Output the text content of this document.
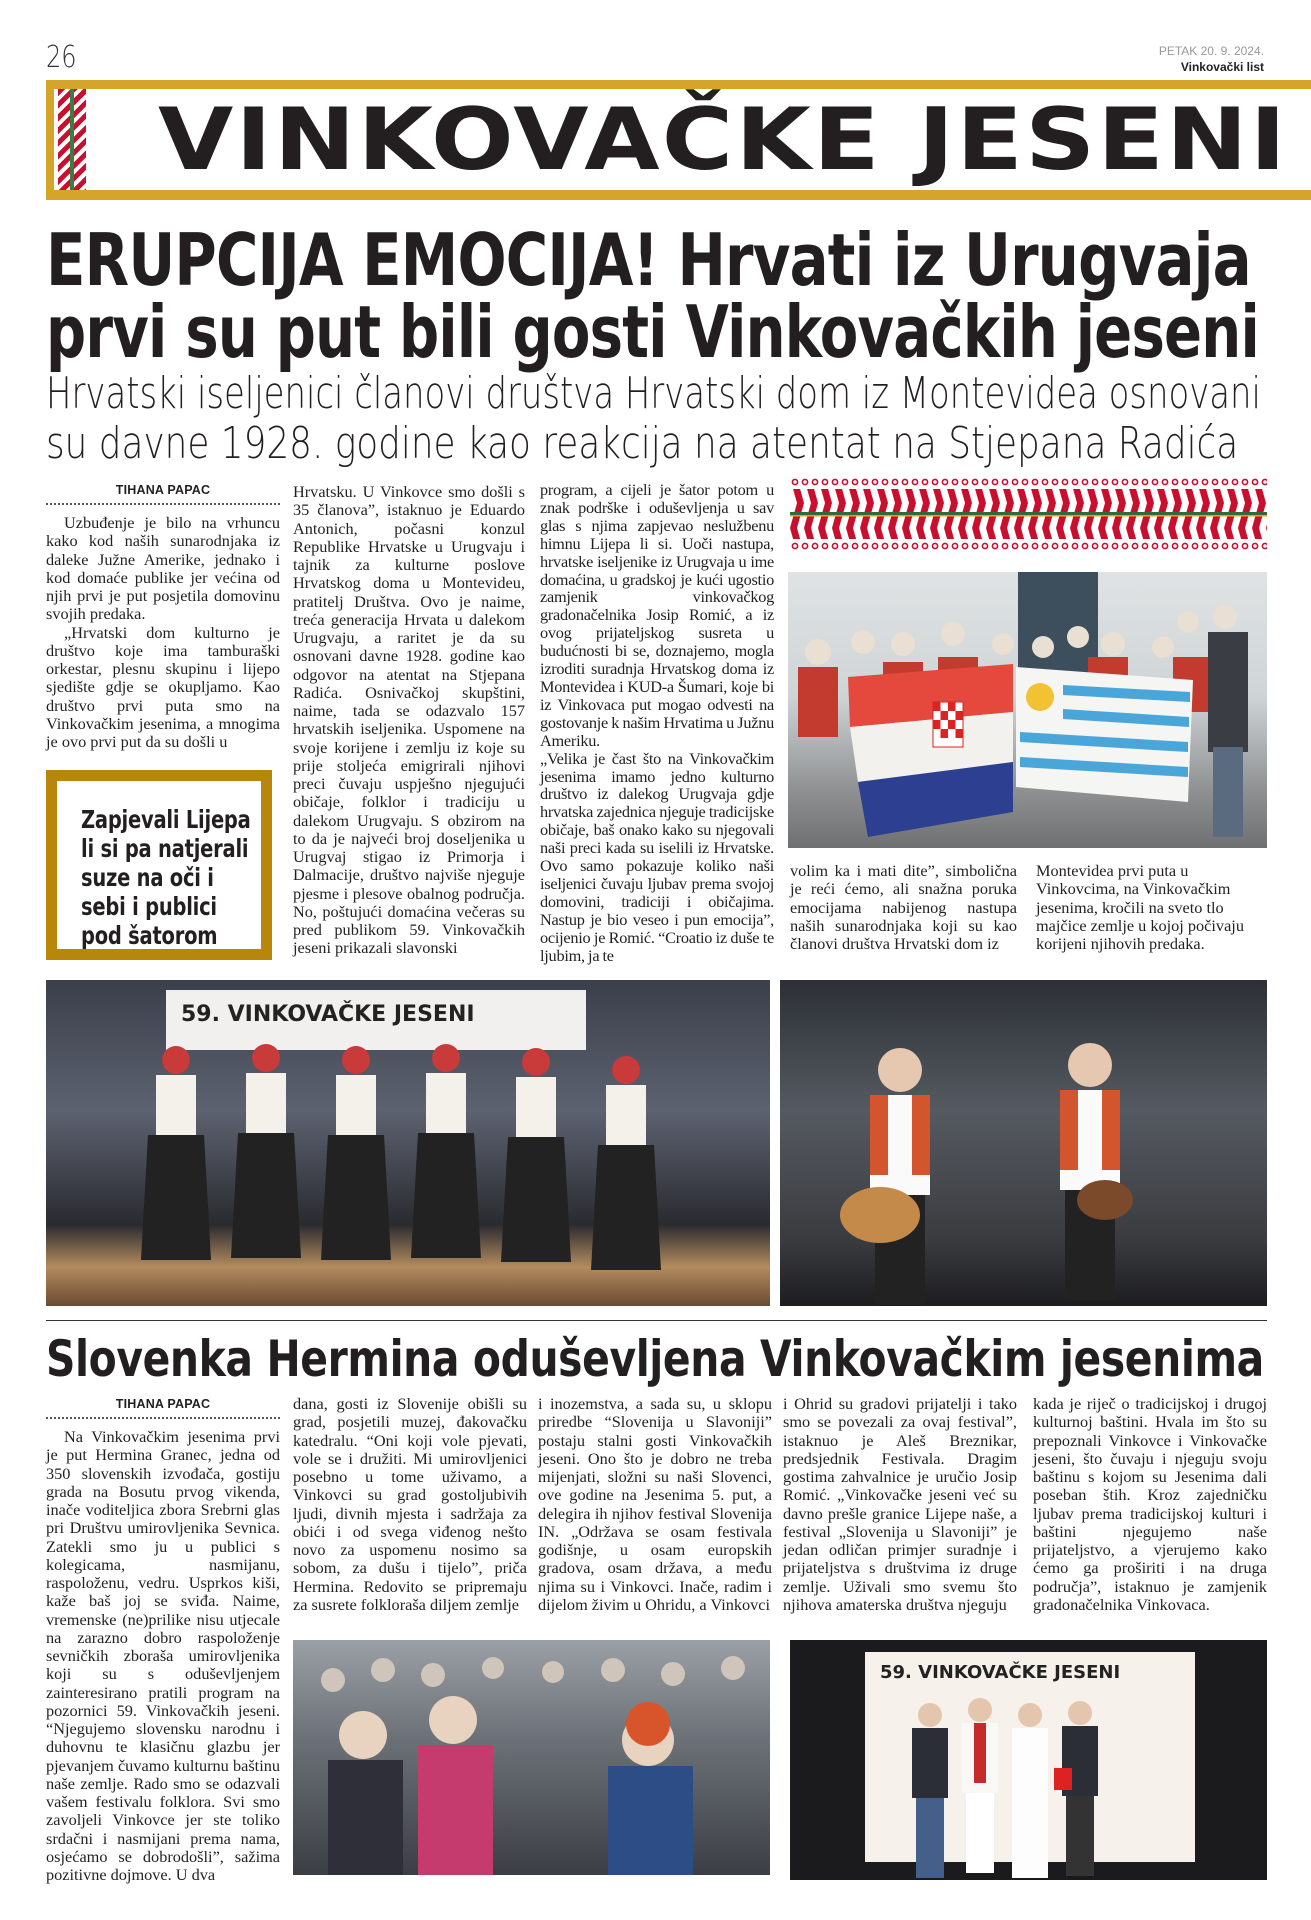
26	PETAK 20. 9. 2024.
Vinkovački list
VINKOVAČKE JESENI
ERUPCIJA EMOCIJA! Hrvati iz Urugvaja
prvi su put bili gosti Vinkovačkih jeseni
Hrvatski iseljenici članovi društva Hrvatski dom iz Montevidea osnovani
su davne 1928. godine kao reakcija na atentat na Stjepana Radića
TIHANA PAPAC

Uzbuđenje je bilo na vrhuncu kako kod naših sunarodnjaka iz daleke Južne Amerike, jednako i kod domaće publike jer većina od njih prvi je put posjetila domovinu svojih predaka.

„Hrvatski dom kulturno je društvo koje ima tamburaški orkestar, plesnu skupinu i lijepo sjedište gdje se okupljamo. Kao društvo prvi puta smo na Vinkovačkim jesenima, a mnogima je ovo prvi put da su došli u

Zapjevali Lijepa li si pa natjerali suze na oči i sebi i publici pod šatorom

Hrvatsku. U Vinkovce smo došli s 35 članova”, istaknuo je Eduardo Antonich, počasni konzul Republike Hrvatske u Urugvaju i tajnik za kulturne poslove Hrvatskog doma u Montevideu, pratitelj Društva. Ovo je naime, treća generacija Hrvata u dalekom Urugvaju, a raritet je da su osnovani davne 1928. godine kao odgovor na atentat na Stjepana Radića. Osnivačkoj skupštini, naime, tada se odazvalo 157 hrvatskih iseljenika. Uspomene na svoje korijene i zemlju iz koje su prije stoljeća emigrirali njihovi preci čuvaju uspješno njegujući običaje, folklor i tradiciju u dalekom Urugvaju. S obzirom na to da je najveći broj doseljenika u Urugvaj stigao iz Primorja i Dalmacije, društvo najviše njeguje pjesme i plesove obalnog područja. No, poštujući domaćina večeras su pred publikom 59. Vinkovačkih jeseni prikazali slavonski

program, a cijeli je šator potom u znak podrške i oduševljenja u sav glas s njima zapjevao neslužbenu himnu Lijepa li si. Uoči nastupa, hrvatske iseljenike iz Urugvaja u ime domaćina, u gradskoj je kući ugostio zamjenik vinkovačkog gradonačelnika Josip Romić, a iz ovog prijateljskog susreta u budućnosti bi se, doznajemo, mogla izroditi suradnja Hrvatskog doma iz Montevidea i KUD-a Šumari, koje bi iz Vinkovaca put mogao odvesti na gostovanje k našim Hrvatima u Južnu Ameriku.

„Velika je čast što na Vinkovačkim jesenima imamo jedno kulturno društvo iz dalekog Urugvaja gdje hrvatska zajednica njeguje tradicijske običaje, baš onako kako su njegovali naši preci kada su iselili iz Hrvatske. Ovo samo pokazuje koliko naši iseljenici čuvaju ljubav prema svojoj domovini, tradiciji i običajima. Nastup je bio veseo i pun emocija”, ocijenio je Romić. “Croatio iz duše te ljubim, ja te

volim ka i mati dite”, simbolična je reći ćemo, ali snažna poruka emocijama nabijenog nastupa naših sunarodnjaka koji su kao članovi društva Hrvatski dom iz

Montevidea prvi puta u Vinkovcima, na Vinkovačkim jesenima, kročili na sveto tlo majčice zemlje u kojoj počivaju korijeni njihovih predaka.

59. VINKOVAČKE JESENI
Slovenka Hermina oduševljena Vinkovačkim jesenima
TIHANA PAPAC

Na Vinkovačkim jesenima prvi je put Hermina Granec, jedna od 350 slovenskih izvođača, gostiju grada na Bosutu prvog vikenda, inače voditeljica zbora Srebrni glas pri Društvu umirovljenika Sevnica. Zatekli smo ju u publici s kolegicama, nasmijanu, raspoloženu, vedru. Usprkos kiši, kaže baš joj se sviđa. Naime, vremenske (ne)prilike nisu utjecale na zarazno dobro raspoloženje sevničkih zboraša umirovljenika koji su s oduševljenjem zainteresirano pratili program na pozornici 59. Vinkovačkih jeseni. “Njegujemo slovensku narodnu i duhovnu te klasičnu glazbu jer pjevanjem čuvamo kulturnu baštinu naše zemlje. Rado smo se odazvali vašem festivalu folklora. Svi smo zavoljeli Vinkovce jer ste toliko srdačni i nasmijani prema nama, osjećamo se dobrodošli”, sažima pozitivne dojmove. U dva

dana, gosti iz Slovenije obišli su grad, posjetili muzej, đakovačku katedralu. “Oni koji vole pjevati, vole se i družiti. Mi umirovljenici posebno u tome uživamo, a Vinkovci su grad gostoljubivih ljudi, divnih mjesta i sadržaja za obići i od svega viđenog nešto novo za uspomenu nosimo sa sobom, za dušu i tijelo”, priča Hermina. Redovito se pripremaju za susrete folkloraša diljem zemlje

i inozemstva, a sada su, u sklopu priredbe “Slovenija u Slavoniji” postaju stalni gosti Vinkovačkih jeseni. Ono što je dobro ne treba mijenjati, složni su naši Slovenci, ove godine na Jesenima 5. put, a delegira ih njihov festival Slovenija IN. „Održava se osam festivala godišnje, u osam europskih gradova, osam država, a među njima su i Vinkovci. Inače, radim i dijelom živim u Ohridu, a Vinkovci

i Ohrid su gradovi prijatelji i tako smo se povezali za ovaj festival”, istaknuo je Aleš Breznikar, predsjednik Festivala. Dragim gostima zahvalnice je uručio Josip Romić. „Vinkovačke jeseni već su davno prešle granice Lijepe naše, a festival „Slovenija u Slavoniji” je jedan odličan primjer suradnje i prijateljstva s društvima iz druge zemlje. Uživali smo svemu što njihova amaterska društva njeguju

kada je riječ o tradicijskoj i drugoj kulturnoj baštini. Hvala im što su prepoznali Vinkovce i Vinkovačke jeseni, što čuvaju i njeguju svoju baštinu s kojom su Jesenima dali poseban štih. Kroz zajedničku ljubav prema tradicijskoj kulturi i baštini njegujemo naše prijateljstvo, a vjerujemo kako ćemo ga proširiti i na druga područja”, istaknuo je zamjenik gradonačelnika Vinkovaca.

59. VINKOVAČKE JESENI
